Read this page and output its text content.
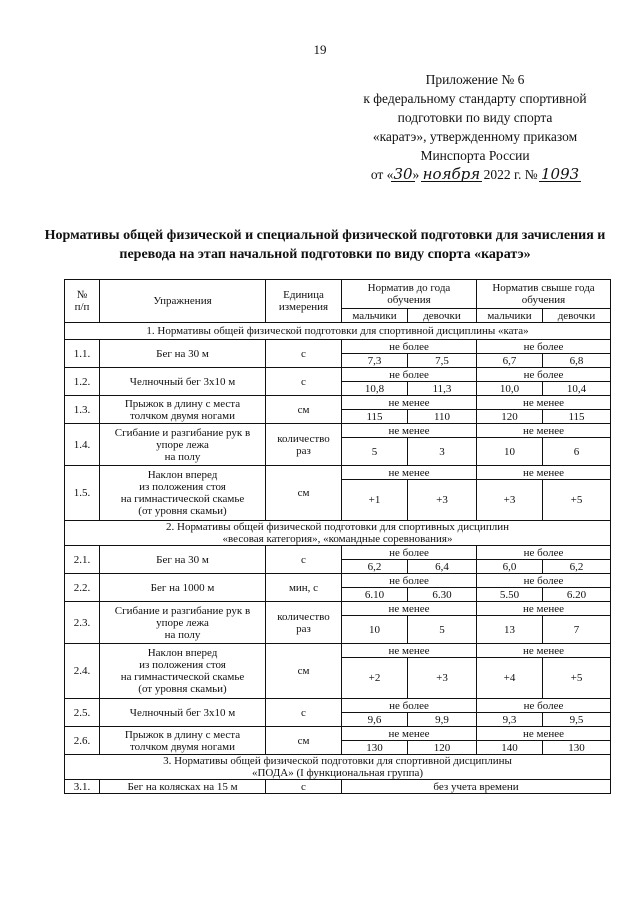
19
Приложение № 6
к федеральному стандарту спортивной
подготовки по виду спорта
«каратэ», утвержденному приказом
Минспорта России
от «30» ноября 2022 г. № 1093
Нормативы общей физической и специальной физической подготовки для зачисления и перевода на этап начальной подготовки по виду спорта «каратэ»
№
п/п	Упражнения	Единица
измерения	Норматив до года
обучения		Норматив свыше года
обучения	
			мальчики	девочки	мальчики	девочки
1. Нормативы общей физической подготовки для спортивной дисциплины «ката»						
1.1.	Бег на 30 м	с	не более		не более	
			7,3	7,5	6,7	6,8
1.2.	Челночный бег 3х10 м	с	не более		не более	
			10,8	11,3	10,0	10,4
1.3.	Прыжок в длину с места
толчком двумя ногами	см	не менее		не менее	
			115	110	120	115
1.4.	Сгибание и разгибание рук в
упоре лежа
на полу	количество
раз	не менее		не менее	
			5	3	10	6
1.5.	Наклон вперед
из положения стоя
на гимнастической скамье
(от уровня скамьи)	см	не менее		не менее	
			+1	+3	+3	+5
2. Нормативы общей физической подготовки для спортивных дисциплин
«весовая категория», «командные соревнования»						
2.1.	Бег на 30 м	с	не более		не более	
			6,2	6,4	6,0	6,2
2.2.	Бег на 1000 м	мин, с	не более		не более	
			6.10	6.30	5.50	6.20
2.3.	Сгибание и разгибание рук в
упоре лежа
на полу	количество
раз	не менее		не менее	
			10	5	13	7
2.4.	Наклон вперед
из положения стоя
на гимнастической скамье
(от уровня скамьи)	см	не менее		не менее	
			+2	+3	+4	+5
2.5.	Челночный бег 3х10 м	с	не более		не более	
			9,6	9,9	9,3	9,5
2.6.	Прыжок в длину с места
толчком двумя ногами	см	не менее		не менее	
			130	120	140	130
3. Нормативы общей физической подготовки для спортивной дисциплины
«ПОДА» (I функциональная группа)						
3.1.	Бег на колясках на 15 м	с	без учета времени			
